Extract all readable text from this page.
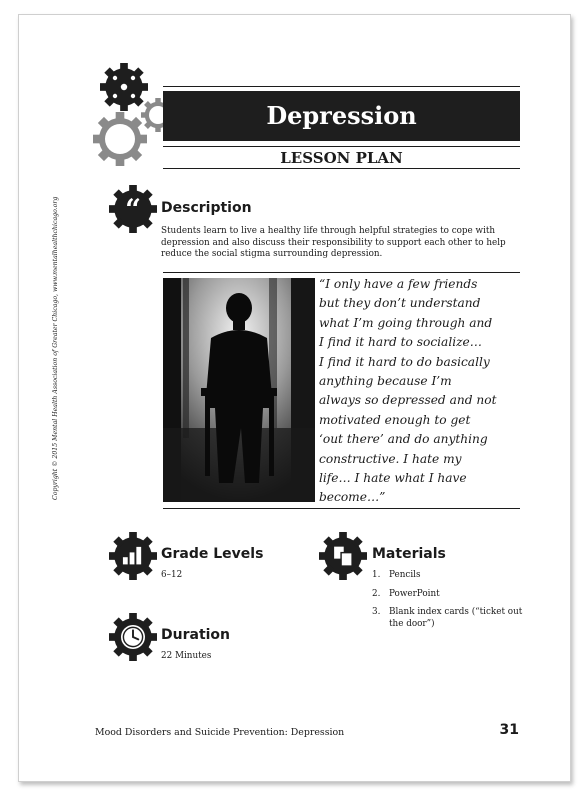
Depression
LESSON PLAN
“ Description
Students learn to live a healthy life through helpful strategies to cope with depression and also discuss their responsibility to support each other to help reduce the social stigma surrounding depression.
“I only have a few friends
but they don’t understand
what I’m going through and
I find it hard to socialize…
I find it hard to do basically
anything because I’m
always so depressed and not
motivated enough to get
‘out there’ and do anything
constructive. I hate my
life… I hate what I have
become…”
Grade Levels
6–12
Materials
1. Pencils
2. PowerPoint
3. Blank index cards (“ticket out the door”)
Duration
22 Minutes
Copyright © 2015 Mental Health Association of Greater Chicago, www.mentalhealthchicago.org
Mood Disorders and Suicide Prevention: Depression	31
